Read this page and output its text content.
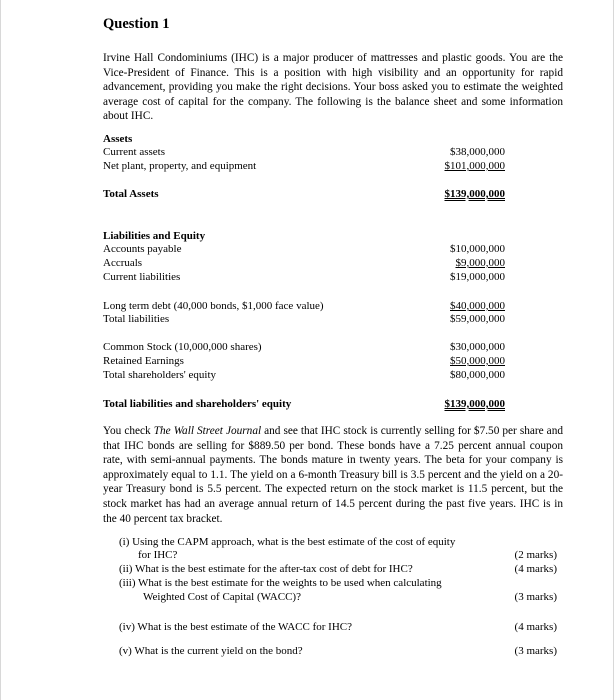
Question 1
Irvine Hall Condominiums (IHC) is a major producer of mattresses and plastic goods. You are the Vice-President of Finance. This is a position with high visibility and an opportunity for rapid advancement, providing you make the right decisions. Your boss asked you to estimate the weighted average cost of capital for the company. The following is the balance sheet and some information about IHC.
Assets
Current assets	$38,000,000
Net plant, property, and equipment	$101,000,000
Total Assets	$139,000,000
Liabilities and Equity
Accounts payable	$10,000,000
Accruals	$9,000,000
Current liabilities	$19,000,000
Long term debt (40,000 bonds, $1,000 face value)	$40,000,000
Total liabilities	$59,000,000
Common Stock (10,000,000 shares)	$30,000,000
Retained Earnings	$50,000,000
Total shareholders' equity	$80,000,000
Total liabilities and shareholders' equity	$139,000,000
You check The Wall Street Journal and see that IHC stock is currently selling for $7.50 per share and that IHC bonds are selling for $889.50 per bond. These bonds have a 7.25 percent annual coupon rate, with semi-annual payments. The bonds mature in twenty years. The beta for your company is approximately equal to 1.1. The yield on a 6-month Treasury bill is 3.5 percent and the yield on a 20-year Treasury bond is 5.5 percent. The expected return on the stock market is 11.5 percent, but the stock market has had an average annual return of 14.5 percent during the past five years. IHC is in the 40 percent tax bracket.
(i) Using the CAPM approach, what is the best estimate of the cost of equity
for IHC?	(2 marks)
(ii) What is the best estimate for the after-tax cost of debt for IHC?	(4 marks)
(iii) What is the best estimate for the weights to be used when calculating
Weighted Cost of Capital (WACC)?	(3 marks)
(iv) What is the best estimate of the WACC for IHC?	(4 marks)
(v) What is the current yield on the bond?	(3 marks)
